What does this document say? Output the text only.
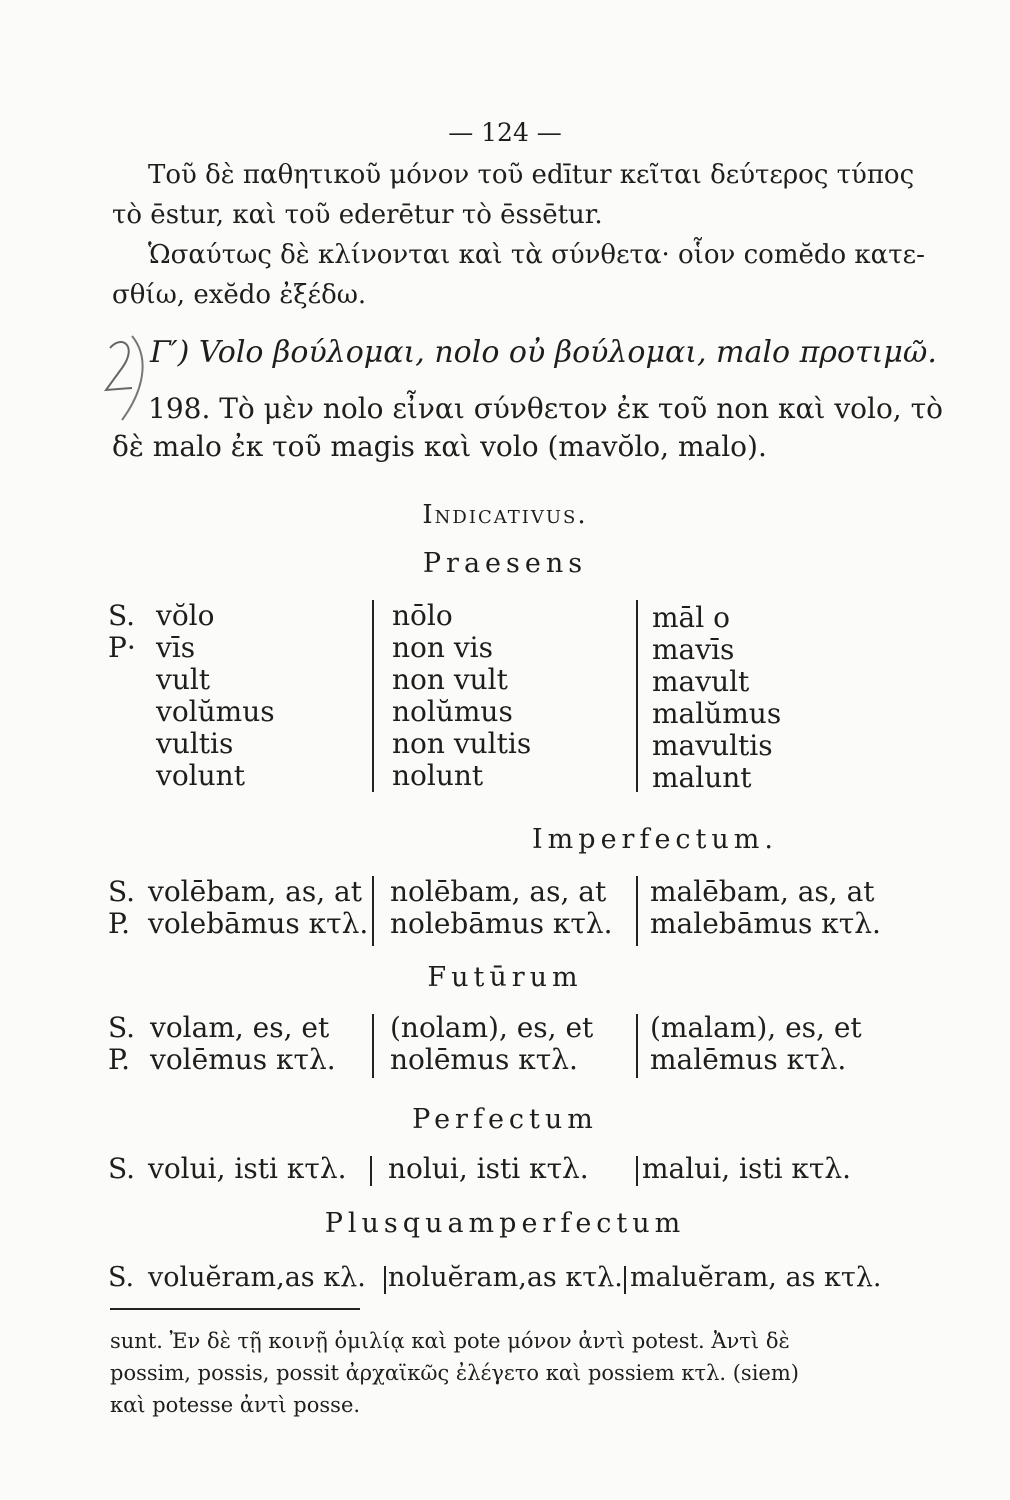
— 124 —
Τοῦ δὲ παθητικοῦ μόνον τοῦ edītur κεῖται δεύτερος τύπος
τὸ ēstur, καὶ τοῦ ederētur τὸ ēssētur.
Ὡσαύτως δὲ κλίνονται καὶ τὰ σύνθετα· οἷον comĕdo κατε-
σθίω, exĕdo ἐξέδω.
Γ′) Volo βούλομαι, nolo οὐ βούλομαι, malo προτιμῶ.
198. Τὸ μὲν nolo εἶναι σύνθετον ἐκ τοῦ non καὶ volo, τὸ
δὲ malo ἐκ τοῦ magis καὶ volo (mavŏlo, malo).
Indicativus.
Praesens
S.
P·
vŏlo
vīs
vult
volŭmus
vultis
volunt
nōlo
non vis
non vult
nolŭmus
non vultis
nolunt
māl o
mavīs
mavult
malŭmus
mavultis
malunt
Imperfectum.
S.
P.
volēbam, as, at
volebāmus κτλ.
nolēbam, as, at
nolebāmus κτλ.
malēbam, as, at
malebāmus κτλ.
Futūrum
S.
P.
volam, es, et
volēmus κτλ.
(nolam), es, et
nolēmus κτλ.
(malam), es, et
malēmus κτλ.
Perfectum
S. volui, isti κτλ. nolui, isti κτλ. malui, isti κτλ.
Plusquamperfectum
S. voluĕram,as κλ. noluĕram,as κτλ. maluĕram, as κτλ.
sunt. Ἐν δὲ τῇ κοινῇ ὁμιλίᾳ καὶ pote μόνον ἀντὶ potest. Ἀντὶ δὲ
possim, possis, possit ἀρχαϊκῶς ἐλέγετο καὶ possiem κτλ. (siem)
καὶ potesse ἀντὶ posse.
